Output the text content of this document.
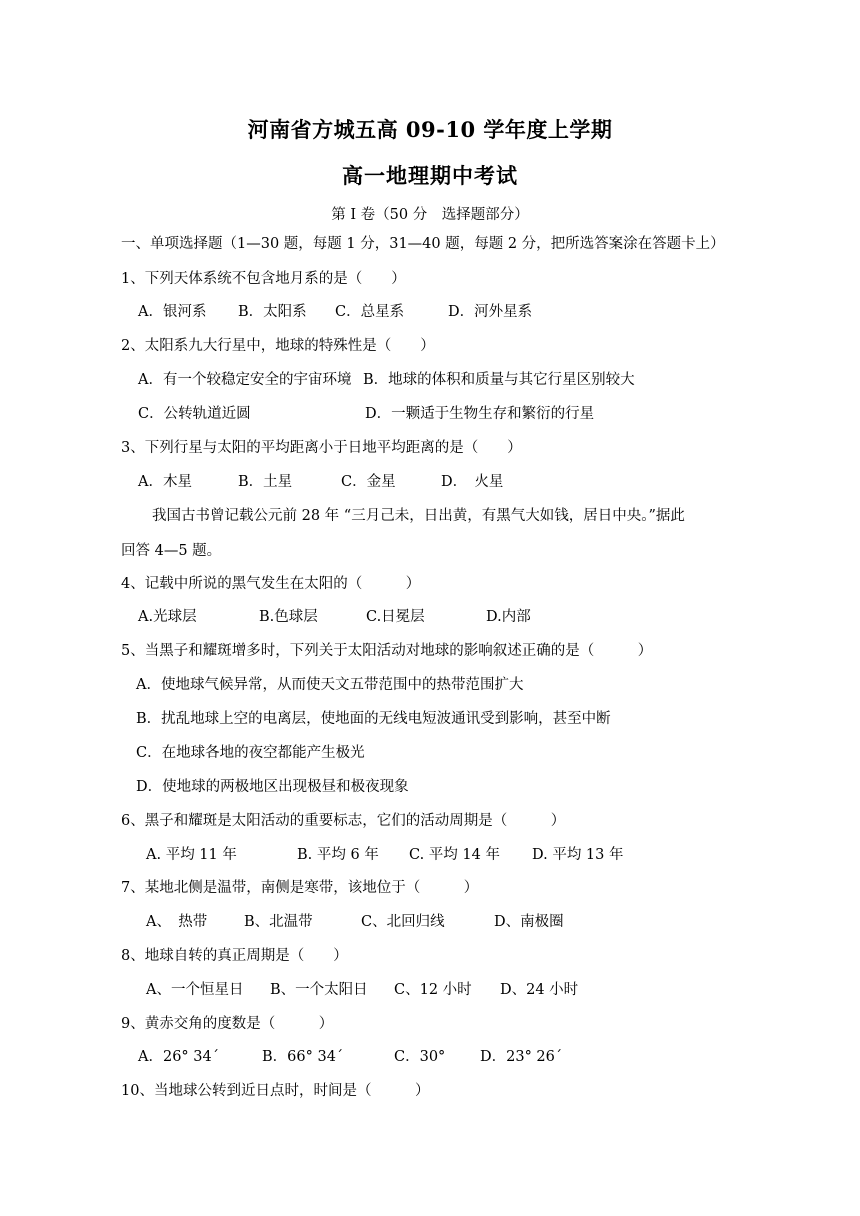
河南省方城五高 09-10 学年度上学期
高一地理期中考试
第 I 卷（50 分　选择题部分）
一、单项选择题（1—30 题，每题 1 分，31—40 题，每题 2 分，把所选答案涂在答题卡上）
1、下列天体系统不包含地月系的是（　　）
A．银河系 B．太阳系 C．总星系	D．河外星系
2、太阳系九大行星中，地球的特殊性是（　　）
A．有一个较稳定安全的宇宙环境 B．地球的体积和质量与其它行星区别较大
C．公转轨道近圆	D．一颗适于生物生存和繁衍的行星
3、下列行星与太阳的平均距离小于日地平均距离的是（　　）
A．木星	B．土星	C．金星	D．　火星
我国古书曾记载公元前 28 年 “三月己未，日出黄，有黑气大如钱，居日中央。”据此
回答 4—5 题。
4、记载中所说的黑气发生在太阳的（　　　）
A.光球层	B.色球层	C.日冕层	D.内部
5、当黑子和耀斑增多时，下列关于太阳活动对地球的影响叙述正确的是（　　　）
A．使地球气候异常，从而使天文五带范围中的热带范围扩大
B．扰乱地球上空的电离层，使地面的无线电短波通讯受到影响，甚至中断
C．在地球各地的夜空都能产生极光
D．使地球的两极地区出现极昼和极夜现象
6、黑子和耀斑是太阳活动的重要标志，它们的活动周期是（　　　）
A. 平均 11 年	B. 平均 6 年 C. 平均 14 年 D. 平均 13 年
7、某地北侧是温带，南侧是寒带，该地位于（　　　）
A、　热带	B、北温带	C、北回归线	D、南极圈
8、地球自转的真正周期是（　　）
A、一个恒星日 B、一个太阳日 C、12 小时 D、24 小时
9、黄赤交角的度数是（　　　）
A．26° 34´	B．66° 34´	C．30° D．23° 26´
10、当地球公转到近日点时，时间是（　　　）
